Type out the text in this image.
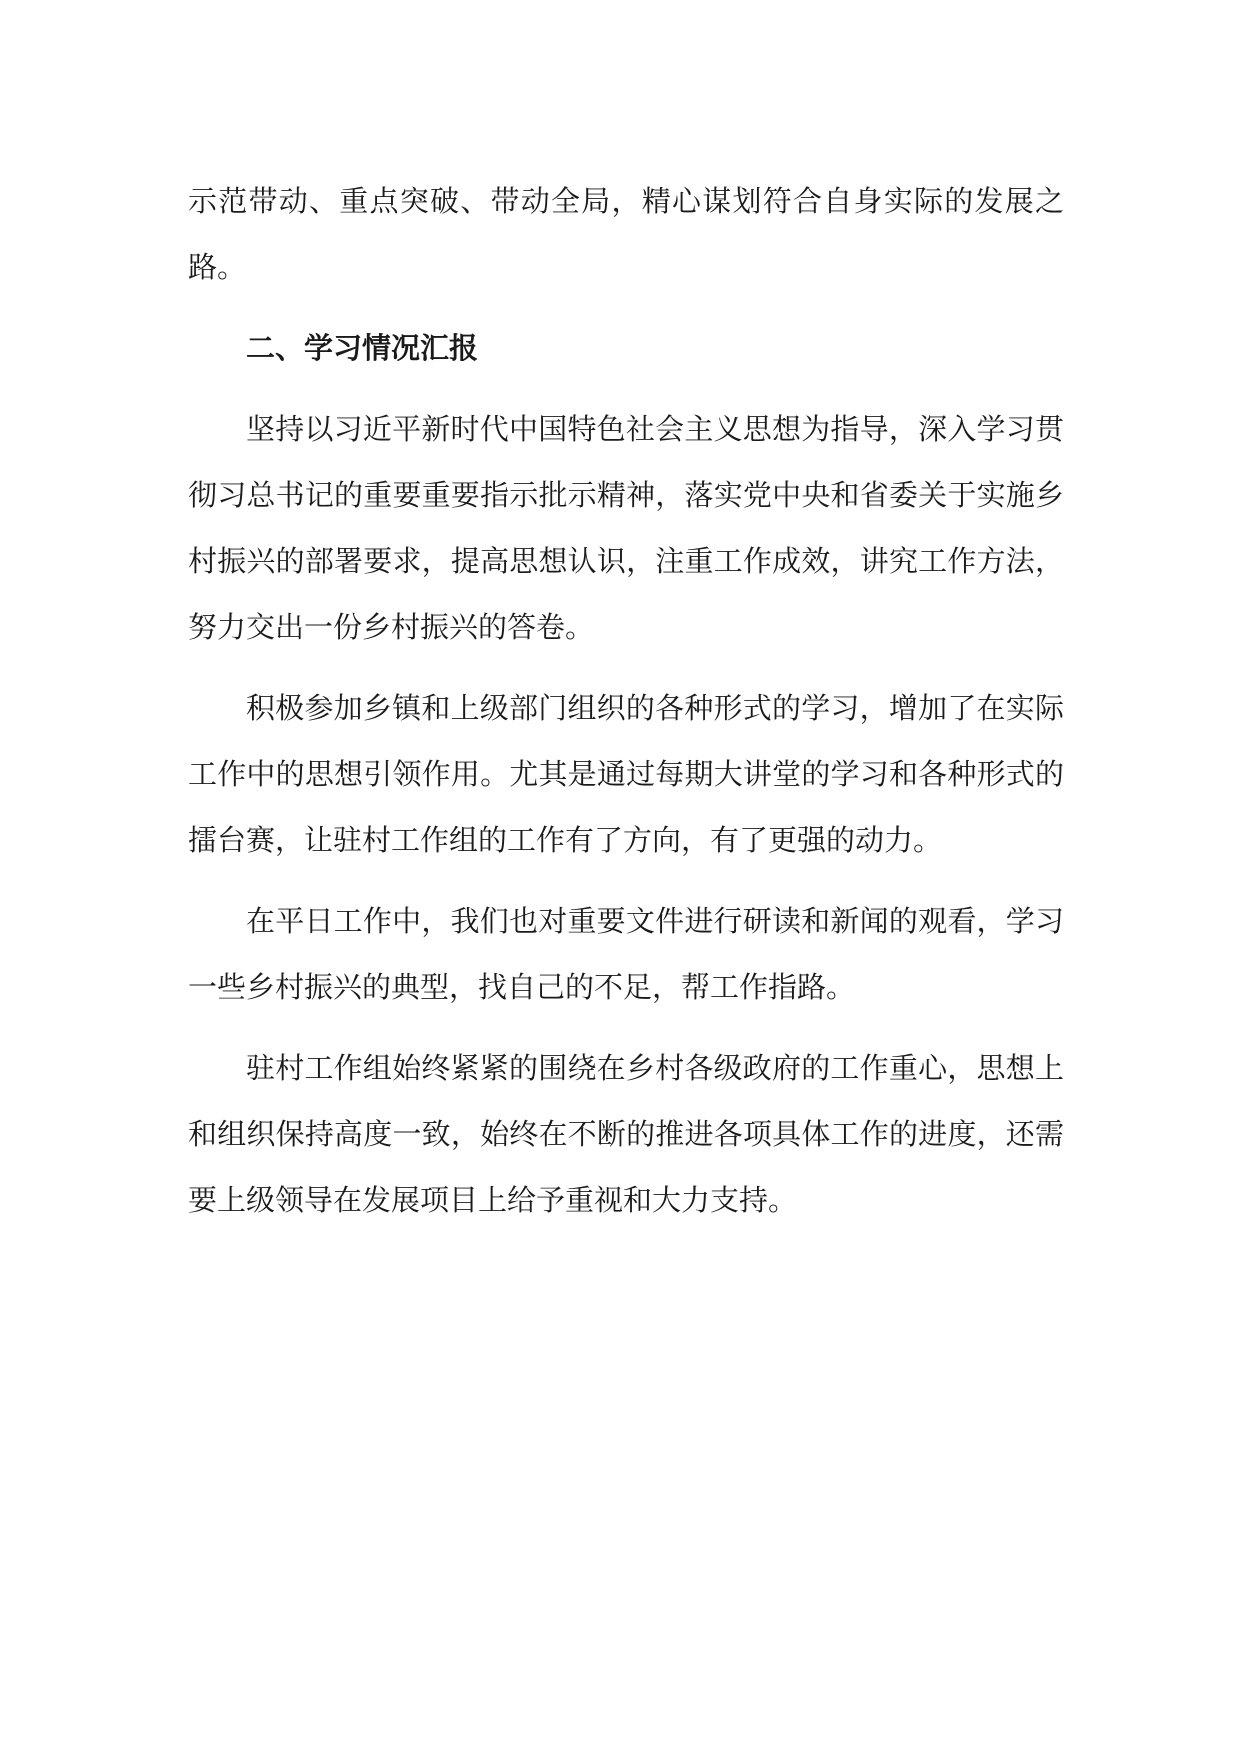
示范带动、重点突破、带动全局，精心谋划符合自身实际的发展之路。

二、学习情况汇报

坚持以习近平新时代中国特色社会主义思想为指导，深入学习贯彻习总书记的重要重要指示批示精神，落实党中央和省委关于实施乡村振兴的部署要求，提高思想认识，注重工作成效，讲究工作方法，努力交出一份乡村振兴的答卷。

积极参加乡镇和上级部门组织的各种形式的学习，增加了在实际工作中的思想引领作用。尤其是通过每期大讲堂的学习和各种形式的擂台赛，让驻村工作组的工作有了方向，有了更强的动力。

在平日工作中，我们也对重要文件进行研读和新闻的观看，学习一些乡村振兴的典型，找自己的不足，帮工作指路。

驻村工作组始终紧紧的围绕在乡村各级政府的工作重心，思想上和组织保持高度一致，始终在不断的推进各项具体工作的进度，还需要上级领导在发展项目上给予重视和大力支持。
